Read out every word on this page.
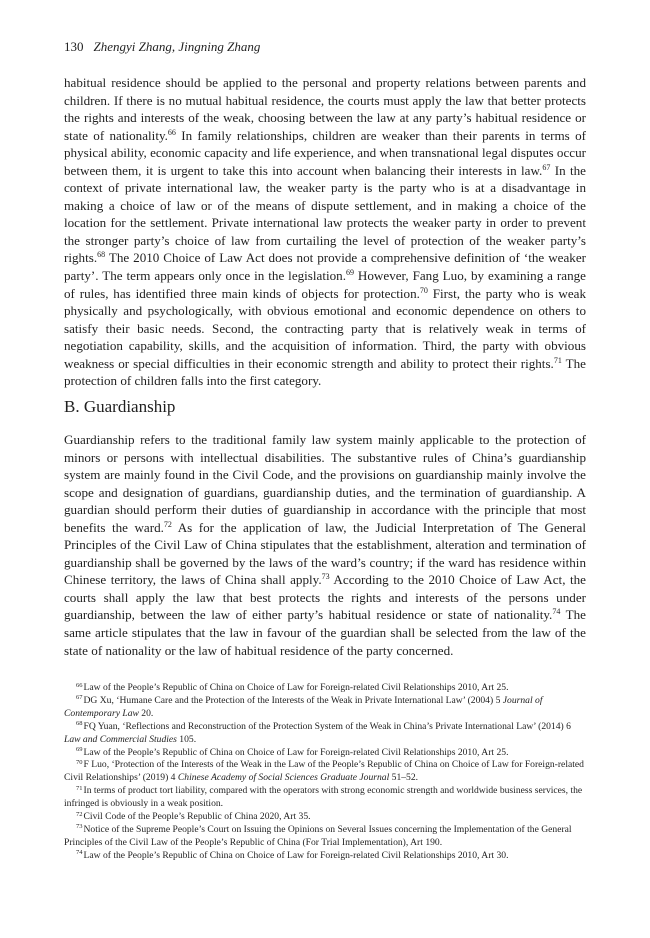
130 Zhengyi Zhang, Jingning Zhang

habitual residence should be applied to the personal and property relations between parents and children. If there is no mutual habitual residence, the courts must apply the law that better protects the rights and interests of the weak, choosing between the law at any party’s habitual residence or state of nationality.$^{66}$ In family relationships, children are weaker than their parents in terms of physical ability, economic capacity and life experience, and when transnational legal disputes occur between them, it is urgent to take this into account when balancing their interests in law.$^{67}$ In the context of private international law, the weaker party is the party who is at a disadvantage in making a choice of law or of the means of dispute settlement, and in making a choice of the location for the settlement. Private international law protects the weaker party in order to prevent the stronger party’s choice of law from curtailing the level of protection of the weaker party’s rights.$^{68}$ The 2010 Choice of Law Act does not provide a comprehensive definition of ‘the weaker party’. The term appears only once in the legislation.$^{69}$ However, Fang Luo, by examining a range of rules, has identified three main kinds of objects for protection.$^{70}$ First, the party who is weak physically and psychologically, with obvious emotional and economic dependence on others to satisfy their basic needs. Second, the contracting party that is relatively weak in terms of negotiation capability, skills, and the acquisition of information. Third, the party with obvious weakness or special difficulties in their economic strength and ability to protect their rights.$^{71}$ The protection of children falls into the first category.

B. Guardianship

Guardianship refers to the traditional family law system mainly applicable to the protection of minors or persons with intellectual disabilities. The substantive rules of China’s guardianship system are mainly found in the Civil Code, and the provisions on guardianship mainly involve the scope and designation of guardians, guardianship duties, and the termination of guardianship. A guardian should perform their duties of guardianship in accordance with the principle that most benefits the ward.$^{72}$ As for the application of law, the Judicial Interpretation of The General Principles of the Civil Law of China stipulates that the establishment, alteration and termination of guardianship shall be governed by the laws of the ward’s country; if the ward has residence within Chinese territory, the laws of China shall apply.$^{73}$ According to the 2010 Choice of Law Act, the courts shall apply the law that best protects the rights and interests of the persons under guardianship, between the law of either party’s habitual residence or state of nationality.$^{74}$ The same article stipulates that the law in favour of the guardian shall be selected from the law of the state of nationality or the law of habitual residence of the party concerned.

$^{66}$Law of the People’s Republic of China on Choice of Law for Foreign-related Civil Relationships 2010, Art 25.

$^{67}$DG Xu, ‘Humane Care and the Protection of the Interests of the Weak in Private International Law’ (2004) 5 Journal of Contemporary Law 20.

$^{68}$FQ Yuan, ‘Reflections and Reconstruction of the Protection System of the Weak in China’s Private International Law’ (2014) 6 Law and Commercial Studies 105.

$^{69}$Law of the People’s Republic of China on Choice of Law for Foreign-related Civil Relationships 2010, Art 25.

$^{70}$F Luo, ‘Protection of the Interests of the Weak in the Law of the People’s Republic of China on Choice of Law for Foreign-related Civil Relationships’ (2019) 4 Chinese Academy of Social Sciences Graduate Journal 51–52.

$^{71}$In terms of product tort liability, compared with the operators with strong economic strength and worldwide business services, the infringed is obviously in a weak position.

$^{72}$Civil Code of the People’s Republic of China 2020, Art 35.

$^{73}$Notice of the Supreme People’s Court on Issuing the Opinions on Several Issues concerning the Implementation of the General Principles of the Civil Law of the People’s Republic of China (For Trial Implementation), Art 190.

$^{74}$Law of the People’s Republic of China on Choice of Law for Foreign-related Civil Relationships 2010, Art 30.
